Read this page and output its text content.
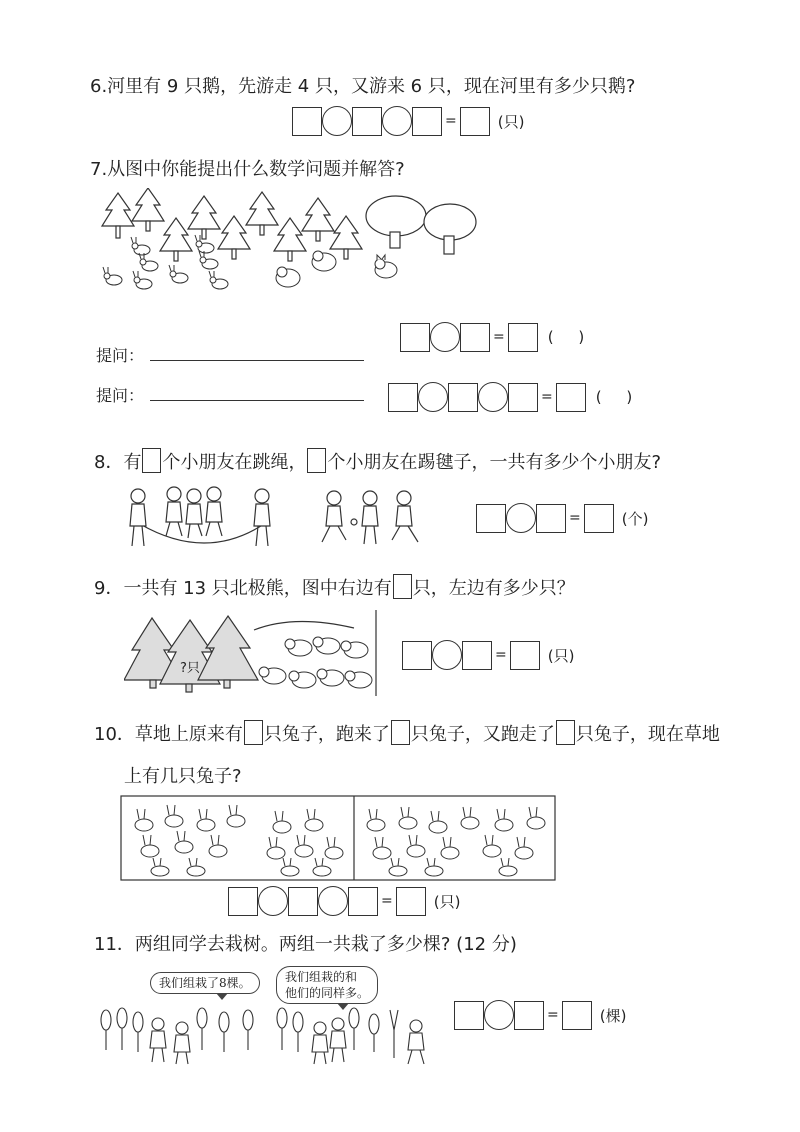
6.河里有 9 只鹅，先游走 4 只，又游来 6 只，现在河里有多少只鹅?
=	(只)
7.从图中你能提出什么数学问题并解答?
=	( )
提问：
=	( )
提问：
8．有 个小朋友在跳绳， 个小朋友在踢毽子，一共有多少个小朋友?
=	(个)
9．一共有 13 只北极熊，图中右边有 只，左边有多少只？
?只
=	(只)
10．草地上原来有 只兔子，跑来了 只兔子，又跑走了 只兔子，现在草地
上有几只兔子?
=	(只)
11．两组同学去栽树。两组一共栽了多少棵? (12 分)
我们组栽了8棵。	我们组栽的和
他们的同样多。
=	(棵)
